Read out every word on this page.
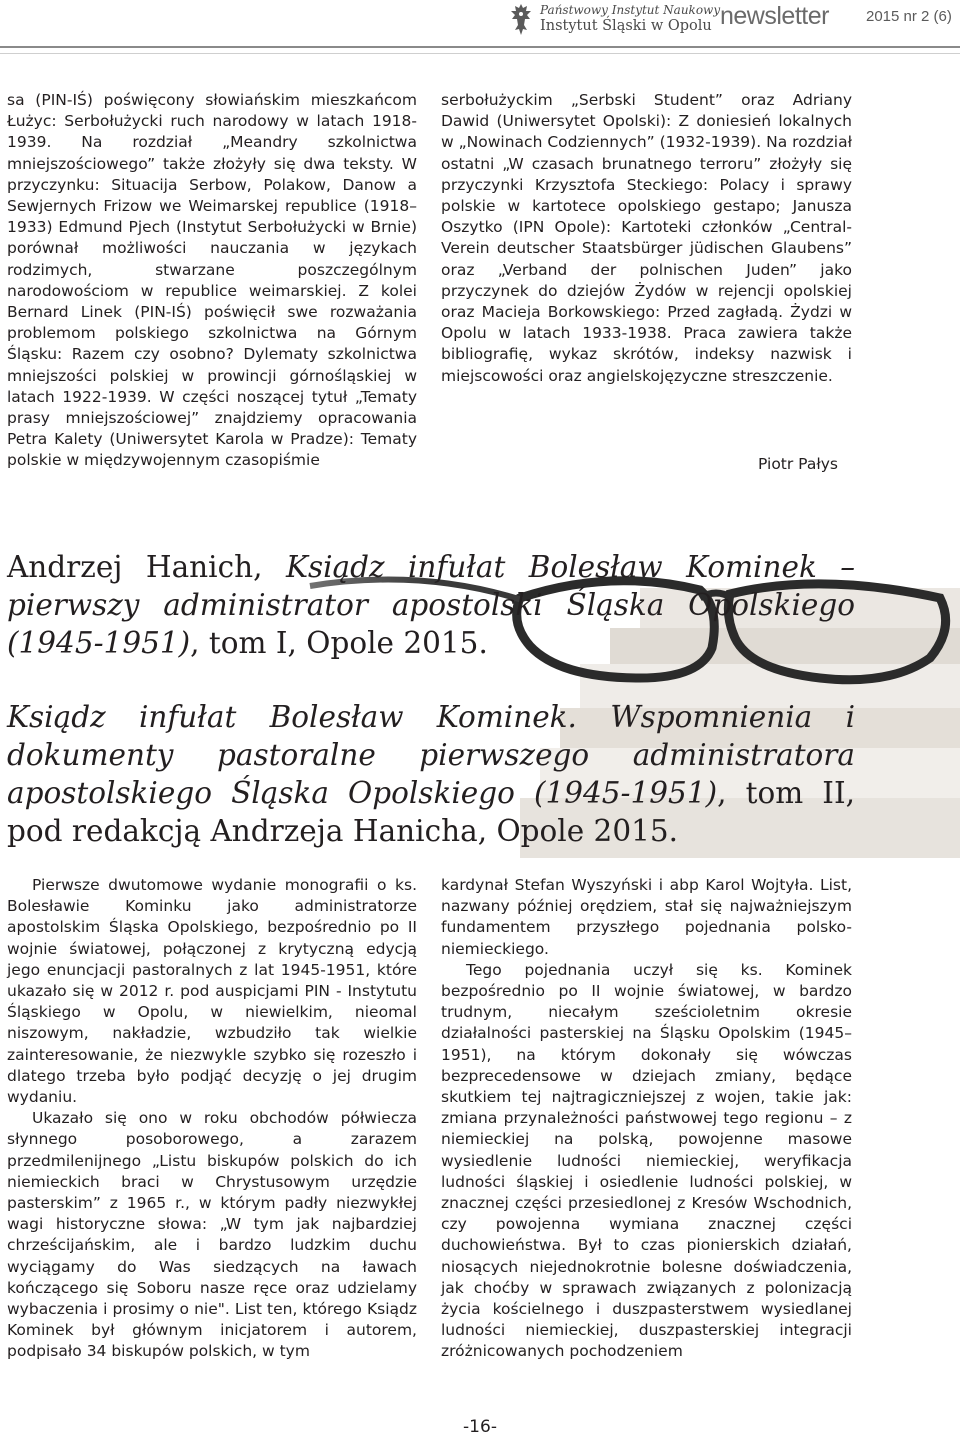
Państwowy Instytut Naukowy
Instytut Śląski w Opolu newsletter 2015 nr 2 (6)

sa (PIN-IŚ) poświęcony słowiańskim mieszkańcom Łużyc: Serbołużycki ruch narodowy w latach 1918-1939. Na rozdział „Meandry szkolnictwa mniejszościowego” także złożyły się dwa teksty. W przyczynku: Situacija Serbow, Polakow, Danow a Sewjernych Frizow we Weimarskej republice (1918–1933) Edmund Pjech (Instytut Serbołużycki w Brnie) porównał możliwości nauczania w językach rodzimych, stwarzane poszczególnym narodowościom w republice weimarskiej. Z kolei Bernard Linek (PIN-IŚ) poświęcił swe rozważania problemom polskiego szkolnictwa na Górnym Śląsku: Razem czy osobno? Dylematy szkolnictwa mniejszości polskiej w prowincji górnośląskiej w latach 1922-1939. W części noszącej tytuł „Tematy prasy mniejszościowej” znajdziemy opracowania Petra Kalety (Uniwersytet Karola w Pradze): Tematy polskie w międzywojennym czasopiśmie

serbołużyckim „Serbski Student” oraz Adriany Dawid (Uniwersytet Opolski): Z doniesień lokalnych w „Nowinach Codziennych” (1932-1939). Na rozdział ostatni „W czasach brunatnego terroru” złożyły się przyczynki Krzysztofa Steckiego: Polacy i sprawy polskie w kartotece opolskiego gestapo; Janusza Oszytko (IPN Opole): Kartoteki członków „Central-Verein deutscher Staatsbürger jüdischen Glaubens” oraz „Verband der polnischen Juden” jako przyczynek do dziejów Żydów w rejencji opolskiej oraz Macieja Borkowskiego: Przed zagładą. Żydzi w Opolu w latach 1933-1938. Praca zawiera także bibliografię, wykaz skrótów, indeksy nazwisk i miejscowości oraz angielskojęzyczne streszczenie.

Piotr Pałys
Andrzej Hanich, Ksiądz infułat Bolesław Kominek – pierwszy administrator apostolski Śląska Opolskiego (1945-1951), tom I, Opole 2015.
Ksiądz infułat Bolesław Kominek. Wspomnienia i dokumenty pastoralne pierwszego administratora apostolskiego Śląska Opolskiego (1945-1951), tom II, pod redakcją Andrzeja Hanicha, Opole 2015.

Pierwsze dwutomowe wydanie monografii o ks. Bolesławie Kominku jako administratorze apostolskim Śląska Opolskiego, bezpośrednio po II wojnie światowej, połączonej z krytyczną edycją jego enuncjacji pastoralnych z lat 1945-1951, które ukazało się w 2012 r. pod auspicjami PIN - Instytutu Śląskiego w Opolu, w niewielkim, nieomal niszowym, nakładzie, wzbudziło tak wielkie zainteresowanie, że niezwykle szybko się rozeszło i dlatego trzeba było podjąć decyzję o jej drugim wydaniu.

Ukazało się ono w roku obchodów półwiecza słynnego posoborowego, a zarazem przedmilenijnego „Listu biskupów polskich do ich niemieckich braci w Chrystusowym urzędzie pasterskim” z 1965 r., w którym padły niezwykłej wagi historyczne słowa: „W tym jak najbardziej chrześcijańskim, ale i bardzo ludzkim duchu wyciągamy do Was siedzących na ławach kończącego się Soboru nasze ręce oraz udzielamy wybaczenia i prosimy o nie". List ten, którego Ksiądz Kominek był głównym inicjatorem i autorem, podpisało 34 biskupów polskich, w tym

kardynał Stefan Wyszyński i abp Karol Wojtyła. List, nazwany później orędziem, stał się najważniejszym fundamentem przyszłego pojednania polsko-niemieckiego.

Tego pojednania uczył się ks. Kominek bezpośrednio po II wojnie światowej, w bardzo trudnym, niecałym sześcioletnim okresie działalności pasterskiej na Śląsku Opolskim (1945–1951), na którym dokonały się wówczas bezprecedensowe w dziejach zmiany, będące skutkiem tej najtragiczniejszej z wojen, takie jak: zmiana przynależności państwowej tego regionu – z niemieckiej na polską, powojenne masowe wysiedlenie ludności niemieckiej, weryfikacja ludności śląskiej i osiedlenie ludności polskiej, w znacznej części przesiedlonej z Kresów Wschodnich, czy powojenna wymiana znacznej części duchowieństwa. Był to czas pionierskich działań, niosących niejednokrotnie bolesne doświadczenia, jak choćby w sprawach związanych z polonizacją życia kościelnego i duszpasterstwem wysiedlanej ludności niemieckiej, duszpasterskiej integracji zróżnicowanych pochodzeniem

-16-
